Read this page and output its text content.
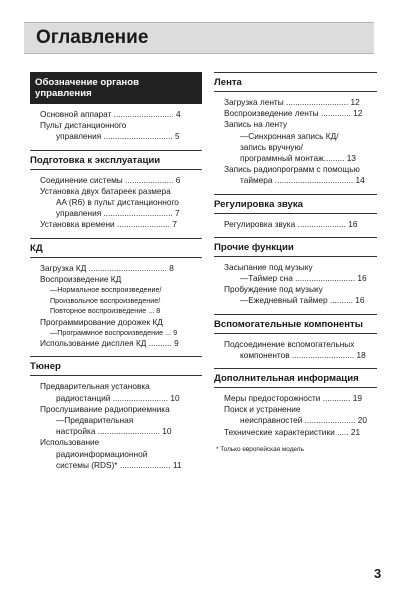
Оглавление
Обозначение органов управления
Основной аппарат .......................... 4
Пульт дистанционного
управления .............................. 5
Подготовка к эксплуатации
Соединение системы ..................... 6
Установка двух батареек размера
AA (R6) в пульт дистанционного
управления .............................. 7
Установка времени ....................... 7
КД
Загрузка КД .................................. 8
Воспроизведение КД
—Нормальное воспроизведение/
Произвольное воспроизведение/
Повторное воспроизведение ... 8
Программирование дорожек КД
—Программное воспроизведение ... 9
Использование дисплея КД .......... 9
Тюнер
Предварительная установка
радиостанций ........................ 10
Прослушивание радиоприемника
—Предварительная
настройка ........................... 10
Использование
радиоинформационной
системы (RDS)* ...................... 11
Лента
Загрузка ленты ........................... 12
Воспроизведение ленты ............. 12
Запись на ленту
—Синхронная запись КД/
запись вручную/
программный монтаж......... 13
Запись радиопрограмм с помощью
таймера .................................. 14
Регулировка звука
Регулировка звука ..................... 16
Прочие функции
Засыпание под музыку
—Таймер сна .......................... 16
Пробуждение под музыку
—Ежедневный таймер .......... 16
Вспомогательные компоненты
Подсоединение вспомогательных
компонентов ........................... 18
Дополнительная информация
Меры предосторожности ............ 19
Поиск и устранение
неисправностей ...................... 20
Технические характеристики ..... 21
* Только европейская модель
3
